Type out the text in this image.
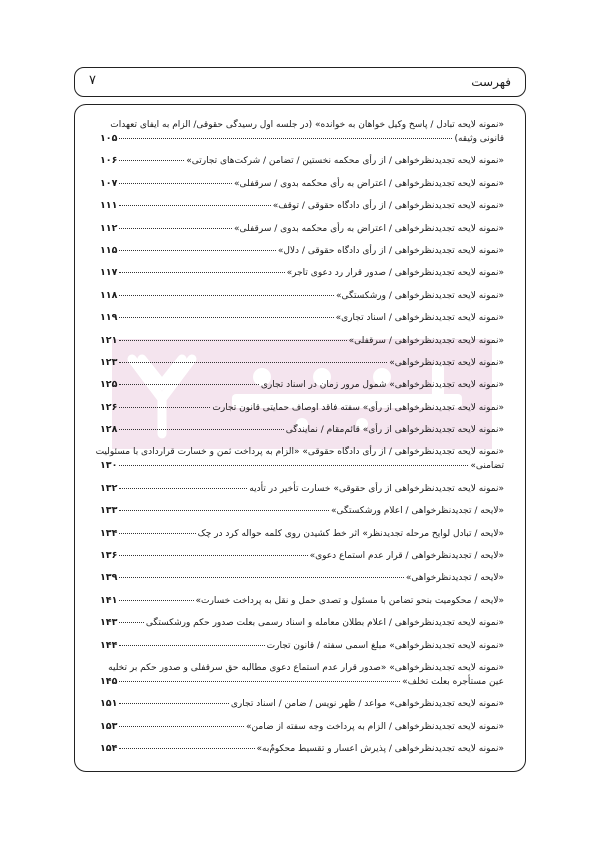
فهرست
۷
«نمونه لایحه تبادل / پاسخ وکیل خواهان به خوانده» (در جلسه اول رسیدگی حقوقی/ الزام به ایفای تعهدات
قانونی وثیقه)
۱۰۵
«نمونه لایحه تجدیدنظرخواهی / از رأی محکمه نخستین / تضامن / شرکت‌های تجارتی»
۱۰۶
«نمونه لایحه تجدیدنظرخواهی / اعتراض به رأی محکمه بدوی / سرقفلی»
۱۰۷
«نمونه لایحه تجدیدنظرخواهی / از رأی دادگاه حقوقی / توقف»
۱۱۱
«نمونه لایحه تجدیدنظرخواهی / اعتراض به رأی محکمه بدوی / سرقفلی»
۱۱۲
«نمونه لایحه تجدیدنظرخواهی / از رأی دادگاه حقوقی / دلال»
۱۱۵
«نمونه لایحه تجدیدنظرخواهی / صدور قرار رد دعوی تاجر»
۱۱۷
«نمونه لایحه تجدیدنظرخواهی / ورشکستگی»
۱۱۸
«نمونه لایحه تجدیدنظرخواهی / اسناد تجاری»
۱۱۹
«نمونه لایحه تجدیدنظرخواهی / سرقفلی»
۱۲۱
«نمونه لایحه تجدیدنظرخواهی»
۱۲۳
«نمونه لایحه تجدیدنظرخواهی» شمول مرور زمان در اسناد تجاری
۱۲۵
«نمونه لایحه تجدیدنظرخواهی از رأی» سفته فاقد اوصاف حمایتی قانون تجارت
۱۲۶
«نمونه لایحه تجدیدنظرخواهی از رأی» قائم‌مقام / نمایندگی
۱۲۸
«نمونه لایحه تجدیدنظرخواهی / از رأی دادگاه حقوقی» «الزام به پرداخت ثمن و خسارت قراردادی با مسئولیت
تضامنی»
۱۳۰
«نمونه لایحه تجدیدنظرخواهی از رأی حقوقی» خسارت تأخیر در تأدیه
۱۳۲
«لایحه / تجدیدنظرخواهی / اعلام ورشکستگی»
۱۳۳
«لایحه / تبادل لوایح مرحله تجدیدنظر» اثر خط کشیدن روی کلمه حواله کرد در چک
۱۳۴
«لایحه / تجدیدنظرخواهی / قرار عدم استماع دعوی»
۱۳۶
«لایحه / تجدیدنظرخواهی»
۱۳۹
«لایحه / محکومیت بنحو تضامن با مسئول و تصدی حمل و نقل به پرداخت خسارت»
۱۴۱
«نمونه لایحه تجدیدنظرخواهی / اعلام بطلان معامله و اسناد رسمی بعلت صدور حکم ورشکستگی
۱۴۳
«نمونه لایحه تجدیدنظرخواهی» مبلغ اسمی سفته / قانون تجارت
۱۴۴
«نمونه لایحه تجدیدنظرخواهی» «صدور قرار عدم استماع دعوی مطالبه حق سرقفلی و صدور حکم بر تخلیه
عین مستأجره بعلت تخلف»
۱۴۵
«نمونه لایحه تجدیدنظرخواهی» مواعد / ظهر نویس / ضامن / اسناد تجاری
۱۵۱
«نمونه لایحه تجدیدنظرخواهی / الزام به پرداخت وجه سفته از ضامن»
۱۵۳
«نمونه لایحه تجدیدنظرخواهی / پذیرش اعسار و تقسیط محکومٌ‌به»
۱۵۴
